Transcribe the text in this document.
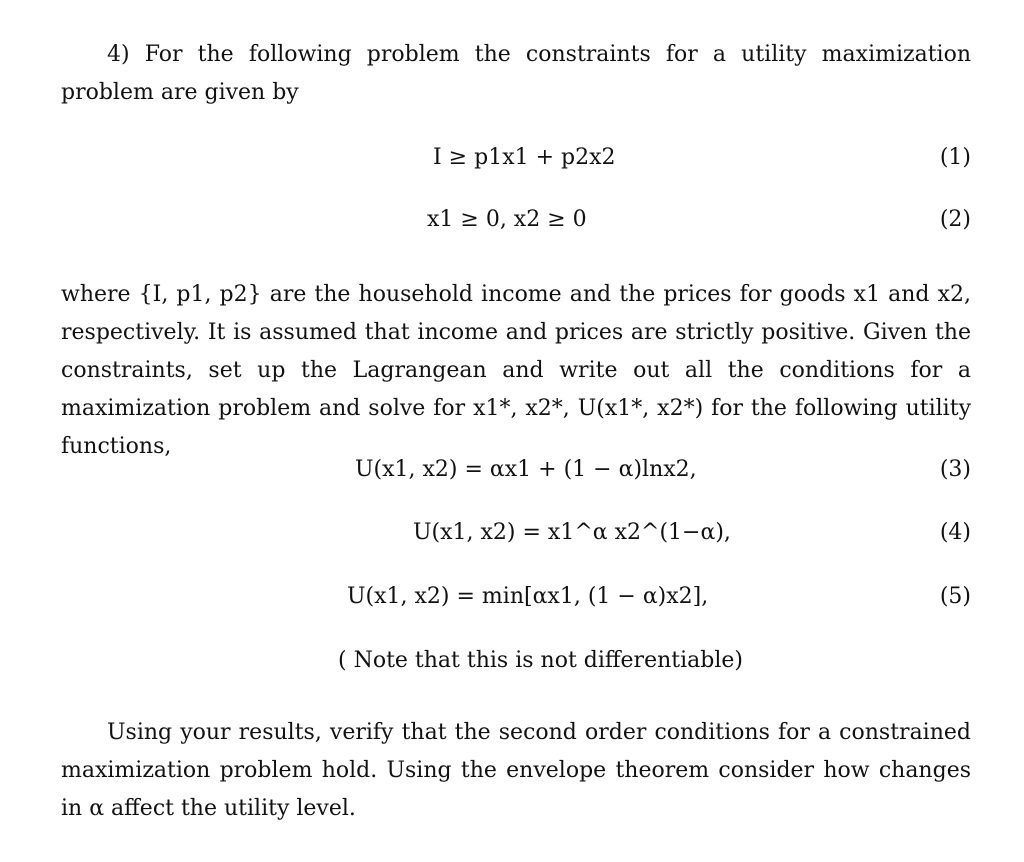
4) For the following problem the constraints for a utility maximization problem are given by

I ≥ p1x1 + p2x2	(1)
x1 ≥ 0, x2 ≥ 0	(2)

where {I, p1, p2} are the household income and the prices for goods x1 and x2, respectively. It is assumed that income and prices are strictly positive. Given the constraints, set up the Lagrangean and write out all the conditions for a maximization problem and solve for x1*, x2*, U(x1*, x2*) for the following utility functions,

U(x1, x2) = αx1 + (1 − α)lnx2,	(3)
U(x1, x2) = x1^α x2^(1−α),	(4)
U(x1, x2) = min[αx1, (1 − α)x2],	(5)
( Note that this is not differentiable)

Using your results, verify that the second order conditions for a constrained maximization problem hold. Using the envelope theorem consider how changes in α affect the utility level.
